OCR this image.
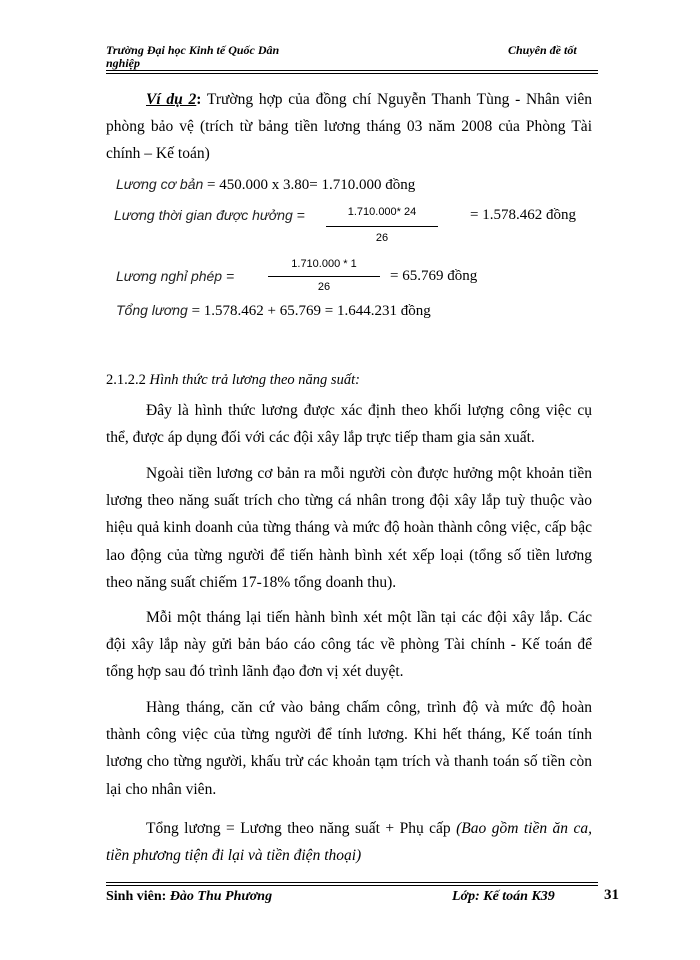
Trường Đại học Kinh tế Quốc Dân
nghiệp
Chuyên đề tốt
Ví dụ 2: Trường hợp của đồng chí Nguyễn Thanh Tùng - Nhân viên phòng bảo vệ (trích từ bảng tiền lương tháng 03 năm 2008 của Phòng Tài chính – Kế toán)
Lương cơ bản = 450.000 x 3.80= 1.710.000 đồng
Lương thời gian được hưởng =	1.710.000* 24
26
= 1.578.462 đồng
Lương nghỉ phép =
1.710.000 * 1
26
= 65.769 đồng
Tổng lương = 1.578.462 + 65.769 = 1.644.231 đồng
2.1.2.2 Hình thức trả lương theo năng suất:
Đây là hình thức lương được xác định theo khối lượng công việc cụ thể, được áp dụng đối với các đội xây lắp trực tiếp tham gia sản xuất.
Ngoài tiền lương cơ bản ra mỗi người còn được hưởng một khoản tiền lương theo năng suất trích cho từng cá nhân trong đội xây lắp tuỳ thuộc vào hiệu quả kinh doanh của từng tháng và mức độ hoàn thành công việc, cấp bậc lao động của từng người để tiến hành bình xét xếp loại (tổng số tiền lương theo năng suất chiếm 17-18% tổng doanh thu).
Mỗi một tháng lại tiến hành bình xét một lần tại các đội xây lắp. Các đội xây lắp này gửi bản báo cáo công tác về phòng Tài chính - Kế toán để tổng hợp sau đó trình lãnh đạo đơn vị xét duyệt.
Hàng tháng, căn cứ vào bảng chấm công, trình độ và mức độ hoàn thành công việc của từng người để tính lương. Khi hết tháng, Kế toán tính lương cho từng người, khấu trừ các khoản tạm trích và thanh toán số tiền còn lại cho nhân viên.
Tổng lương = Lương theo năng suất + Phụ cấp (Bao gồm tiền ăn ca, tiền phương tiện đi lại và tiền điện thoại)
Sinh viên: Đào Thu Phương	Lớp: Kế toán K39	31
